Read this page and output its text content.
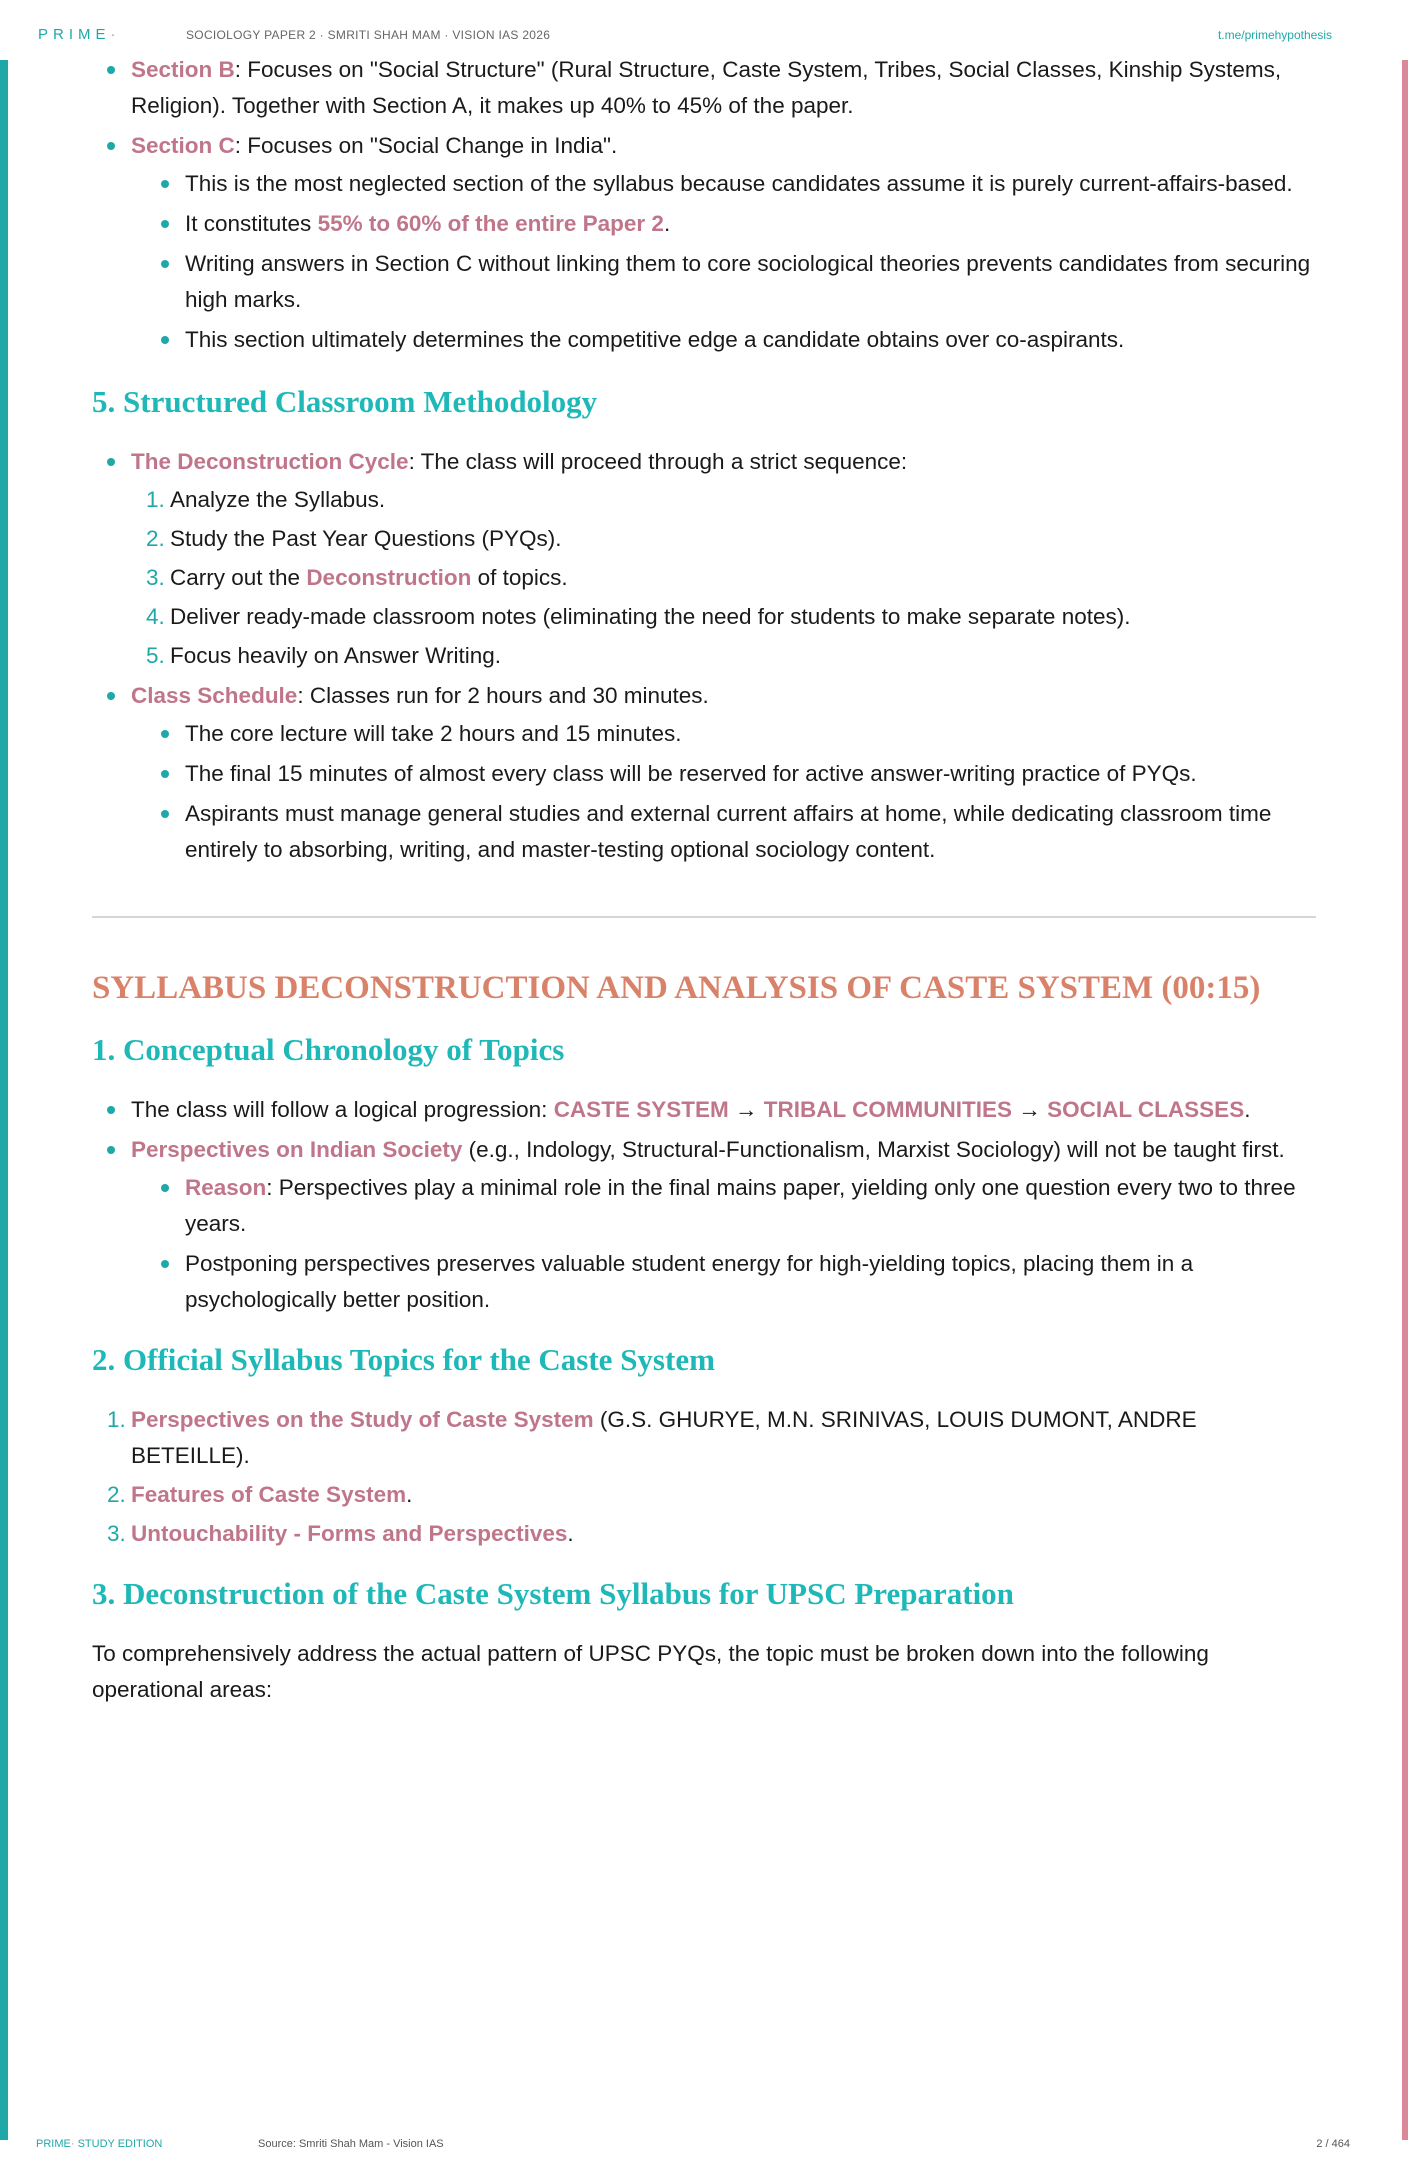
PRIME·	SOCIOLOGY PAPER 2 · SMRITI SHAH MAM · VISION IAS 2026	t.me/primehypothesis
Section B: Focuses on "Social Structure" (Rural Structure, Caste System, Tribes, Social Classes, Kinship Systems, Religion). Together with Section A, it makes up 40% to 45% of the paper.
Section C: Focuses on "Social Change in India".
This is the most neglected section of the syllabus because candidates assume it is purely current-affairs-based.
It constitutes 55% to 60% of the entire Paper 2.
Writing answers in Section C without linking them to core sociological theories prevents candidates from securing high marks.
This section ultimately determines the competitive edge a candidate obtains over co-aspirants.
5. Structured Classroom Methodology
The Deconstruction Cycle: The class will proceed through a strict sequence:
1. Analyze the Syllabus.
2. Study the Past Year Questions (PYQs).
3. Carry out the Deconstruction of topics.
4. Deliver ready-made classroom notes (eliminating the need for students to make separate notes).
5. Focus heavily on Answer Writing.
Class Schedule: Classes run for 2 hours and 30 minutes.
The core lecture will take 2 hours and 15 minutes.
The final 15 minutes of almost every class will be reserved for active answer-writing practice of PYQs.
Aspirants must manage general studies and external current affairs at home, while dedicating classroom time entirely to absorbing, writing, and master-testing optional sociology content.
SYLLABUS DECONSTRUCTION AND ANALYSIS OF CASTE SYSTEM (00:15)
1. Conceptual Chronology of Topics
The class will follow a logical progression: CASTE SYSTEM → TRIBAL COMMUNITIES → SOCIAL CLASSES.
Perspectives on Indian Society (e.g., Indology, Structural-Functionalism, Marxist Sociology) will not be taught first.
Reason: Perspectives play a minimal role in the final mains paper, yielding only one question every two to three years.
Postponing perspectives preserves valuable student energy for high-yielding topics, placing them in a psychologically better position.
2. Official Syllabus Topics for the Caste System
1. Perspectives on the Study of Caste System (G.S. GHURYE, M.N. SRINIVAS, LOUIS DUMONT, ANDRE BETEILLE).
2. Features of Caste System.
3. Untouchability - Forms and Perspectives.
3. Deconstruction of the Caste System Syllabus for UPSC Preparation

To comprehensively address the actual pattern of UPSC PYQs, the topic must be broken down into the following operational areas:

PRIME· STUDY EDITION	Source: Smriti Shah Mam - Vision IAS	2 / 464
